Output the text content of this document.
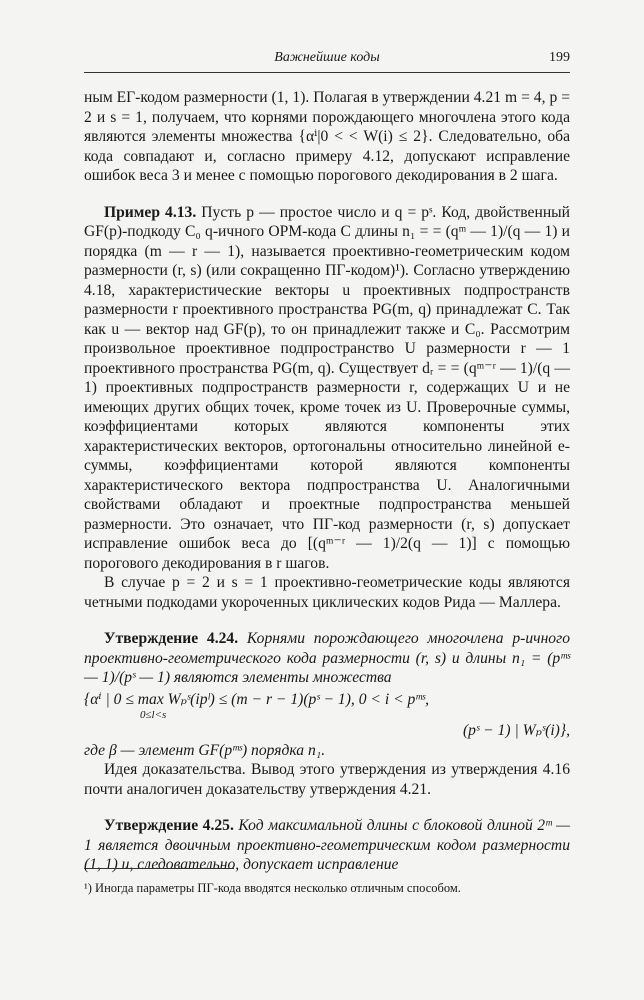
Важнейшие коды	199

ным ЕГ-кодом размерности (1, 1). Полагая в утверждении 4.21 m = 4, p = 2 и s = 1, получаем, что корнями порождающего многочлена этого кода являются элементы множества {αⁱ|0 < < W(i) ≤ 2}. Следовательно, оба кода совпадают и, согласно примеру 4.12, допускают исправление ошибок веса 3 и менее с помощью порогового декодирования в 2 шага.

Пример 4.13. Пусть p — простое число и q = pˢ. Код, двойственный GF(p)-подкоду C₀ q-ичного ОРМ-кода C длины n₁ = = (qᵐ — 1)/(q — 1) и порядка (m — r — 1), называется проективно-геометрическим кодом размерности (r, s) (или сокращенно ПГ-кодом)¹). Согласно утверждению 4.18, характеристические векторы u проективных подпространств размерности r проективного пространства PG(m, q) принадлежат C. Так как u — вектор над GF(p), то он принадлежит также и C₀. Рассмотрим произвольное проективное подпространство U размерности r — 1 проективного пространства PG(m, q). Существует dᵣ = = (qᵐ⁻ʳ — 1)/(q — 1) проективных подпространств размерности r, содержащих U и не имеющих других общих точек, кроме точек из U. Проверочные суммы, коэффициентами которых являются компоненты этих характеристических векторов, ортогональны относительно линейной e-суммы, коэффициентами которой являются компоненты характеристического вектора подпространства U. Аналогичными свойствами обладают и проектные подпространства меньшей размерности. Это означает, что ПГ-код размерности (r, s) допускает исправление ошибок веса до [(qᵐ⁻ʳ — 1)/2(q — 1)] с помощью порогового декодирования в r шагов.

В случае p = 2 и s = 1 проективно-геометрические коды являются четными подкодами укороченных циклических кодов Рида — Маллера.

Утверждение 4.24. Корнями порождающего многочлена p-ичного проективно-геометрического кода размерности (r, s) и длины n₁ = (pᵐˢ — 1)/(pˢ — 1) являются элементы множества

{αⁱ | 0 ≤ max Wₚˢ(ipˡ) ≤ (m − r − 1)(pˢ − 1), 0 < i < pᵐˢ,
0≤l<s
(pˢ − 1) | Wₚˢ(i)},

где β — элемент GF(pᵐˢ) порядка n₁.

Идея доказательства. Вывод этого утверждения из утверждения 4.16 почти аналогичен доказательству утверждения 4.21.

Утверждение 4.25. Код максимальной длины с блоковой длиной 2ᵐ — 1 является двоичным проективно-геометрическим кодом размерности (1, 1) и, следовательно, допускает исправление

¹) Иногда параметры ПГ-кода вводятся несколько отличным способом.
